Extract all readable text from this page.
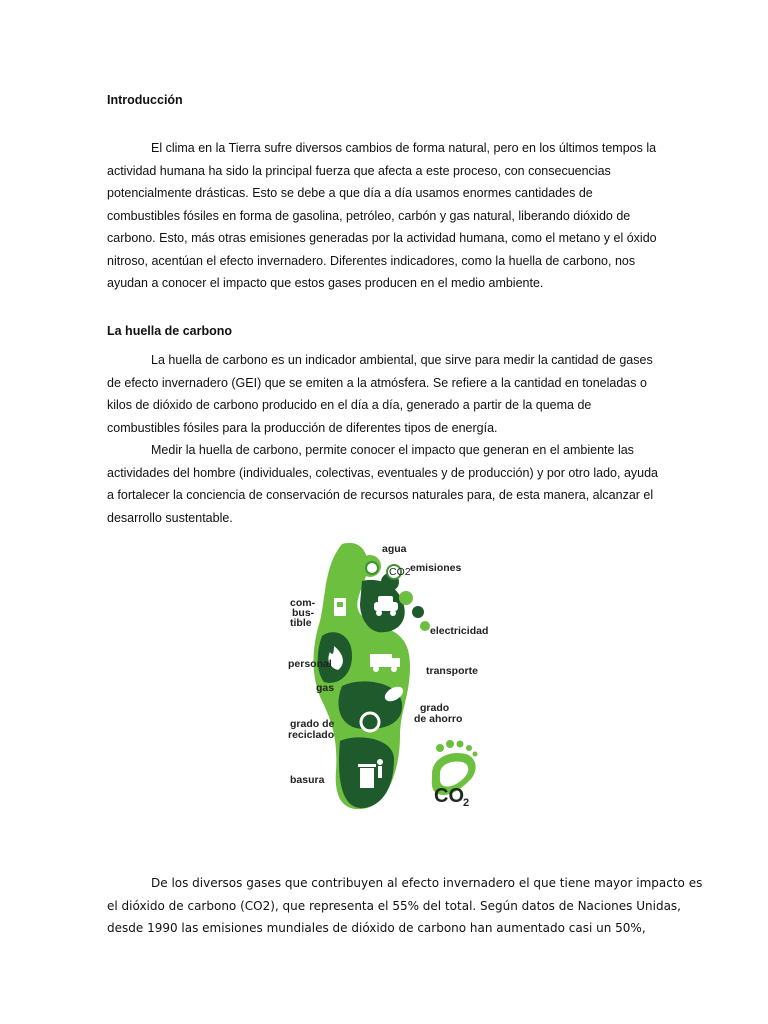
Introducción

El clima en la Tierra sufre diversos cambios de forma natural, pero en los últimos tempos la
actividad humana ha sido la principal fuerza que afecta a este proceso, con consecuencias
potencialmente drásticas. Esto se debe a que día a día usamos enormes cantidades de
combustibles fósiles en forma de gasolina, petróleo, carbón y gas natural, liberando dióxido de
carbono. Esto, más otras emisiones generadas por la actividad humana, como el metano y el óxido
nitroso, acentúan el efecto invernadero. Diferentes indicadores, como la huella de carbono, nos
ayudan a conocer el impacto que estos gases producen en el medio ambiente.

La huella de carbono

La huella de carbono es un indicador ambiental, que sirve para medir la cantidad de gases
de efecto invernadero (GEI) que se emiten a la atmósfera. Se refiere a la cantidad en toneladas o
kilos de dióxido de carbono producido en el día a día, generado a partir de la quema de
combustibles fósiles para la producción de diferentes tipos de energía.

Medir la huella de carbono, permite conocer el impacto que generan en el ambiente las
actividades del hombre (individuales, colectivas, eventuales y de producción) y por otro lado, ayuda
a fortalecer la conciencia de conservación de recursos naturales para, de esta manera, alcanzar el
desarrollo sustentable.

CO2
agua
emisiones
com-
bus-
tible
electricidad
personal
gas
transporte
grado
de ahorro
grado de
reciclado
basura
CO 2

De los diversos gases que contribuyen al efecto invernadero el que tiene mayor impacto es
el dióxido de carbono (CO2), que representa el 55% del total. Según datos de Naciones Unidas,
desde 1990 las emisiones mundiales de dióxido de carbono han aumentado casi un 50%,
